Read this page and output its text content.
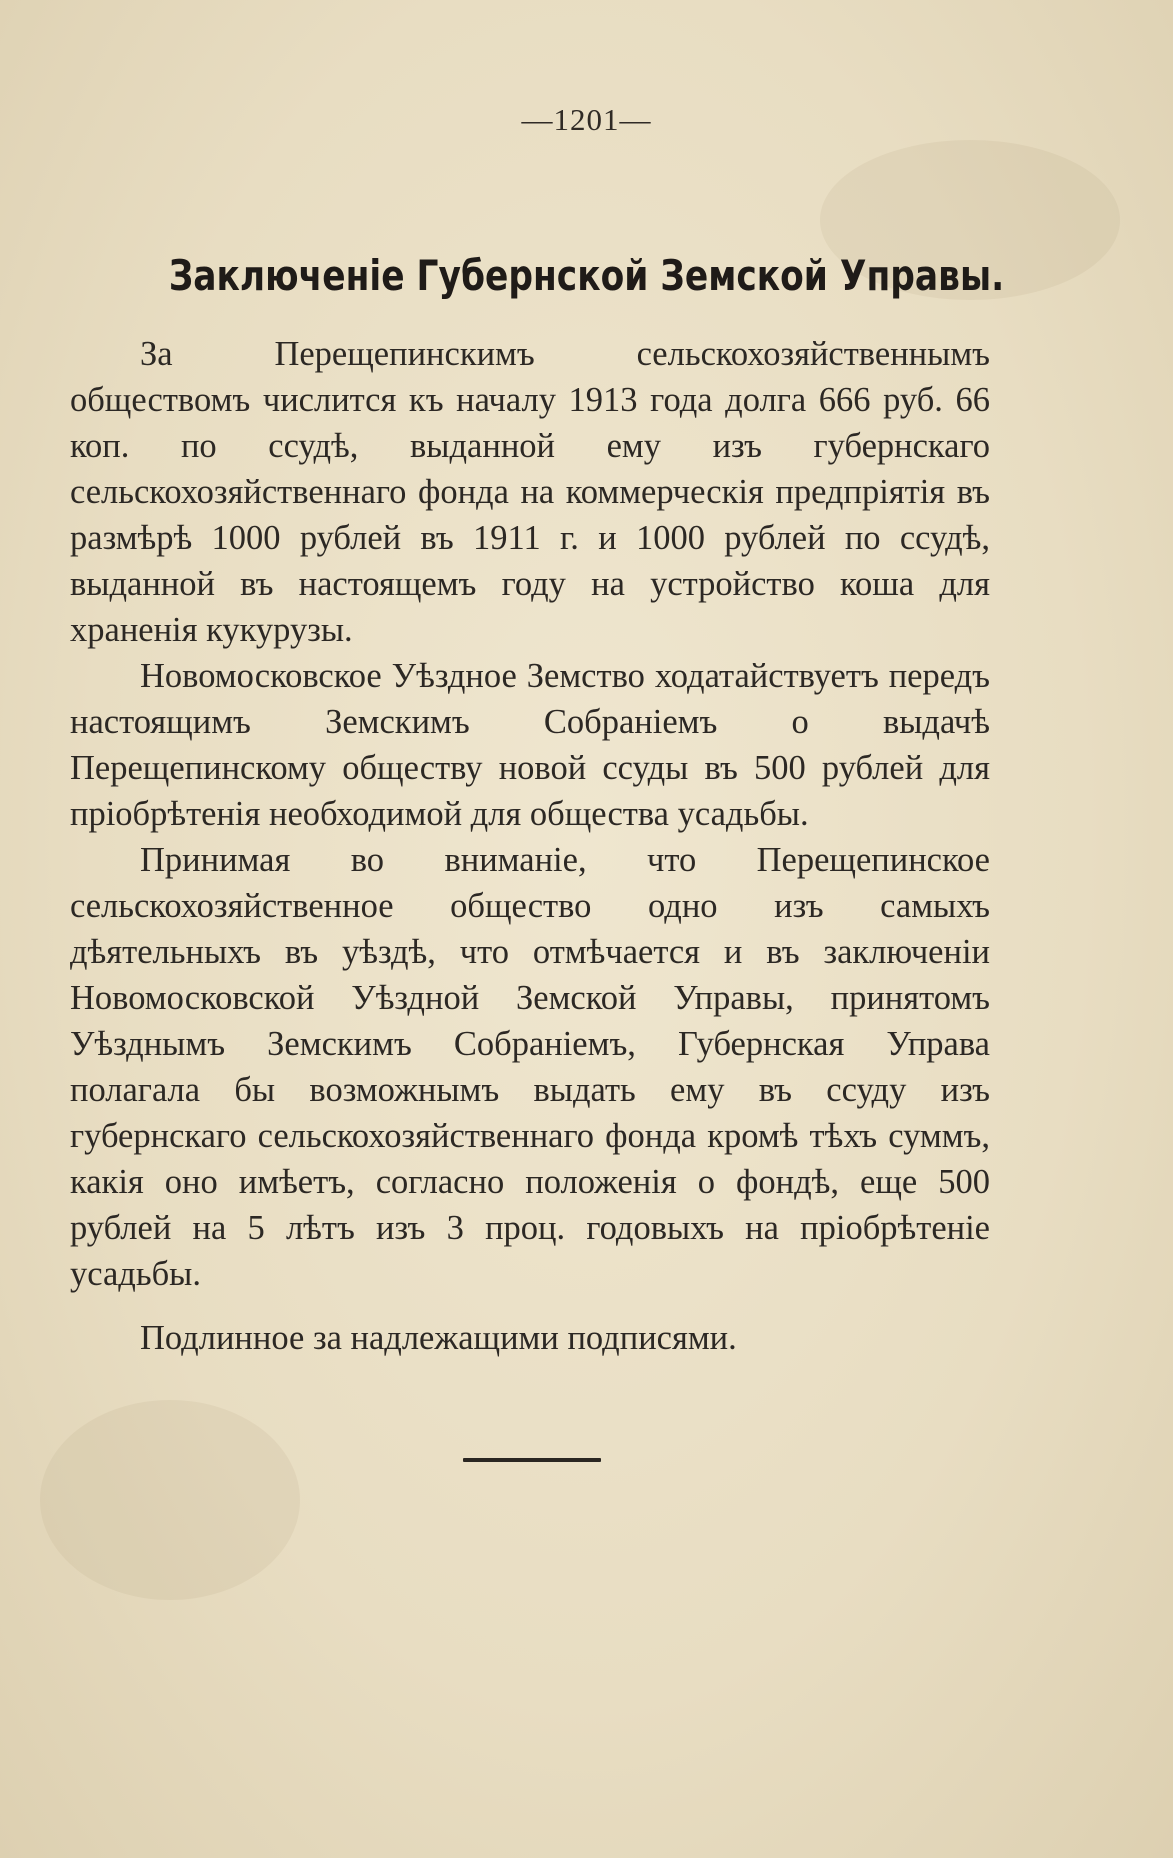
—1201—
Заключеніе Губернской Земской Управы.

За Перещепинскимъ сельскохозяйственнымъ обществомъ числится къ началу 1913 года долга 666 руб. 66 коп. по ссудѣ, выданной ему изъ губернскаго сельскохозяйственнаго фонда на коммерческія предпріятія въ размѣрѣ 1000 рублей въ 1911 г. и 1000 рублей по ссудѣ, выданной въ настоящемъ году на устройство коша для храненія кукурузы.

Новомосковское Уѣздное Земство ходатайствуетъ передъ настоящимъ Земскимъ Собраніемъ о выдачѣ Перещепинскому обществу новой ссуды въ 500 рублей для пріобрѣтенія необходимой для общества усадьбы.

Принимая во вниманіе, что Перещепинское сельскохозяйственное общество одно изъ самыхъ дѣятельныхъ въ уѣздѣ, что отмѣчается и въ заключеніи Новомосковской Уѣздной Земской Управы, принятомъ Уѣзднымъ Земскимъ Собраніемъ, Губернская Управа полагала бы возможнымъ выдать ему въ ссуду изъ губернскаго сельскохозяйственнаго фонда кромѣ тѣхъ суммъ, какія оно имѣетъ, согласно положенія о фондѣ, еще 500 рублей на 5 лѣтъ изъ 3 проц. годовыхъ на пріобрѣтеніе усадьбы.

Подлинное за надлежащими подписями.
